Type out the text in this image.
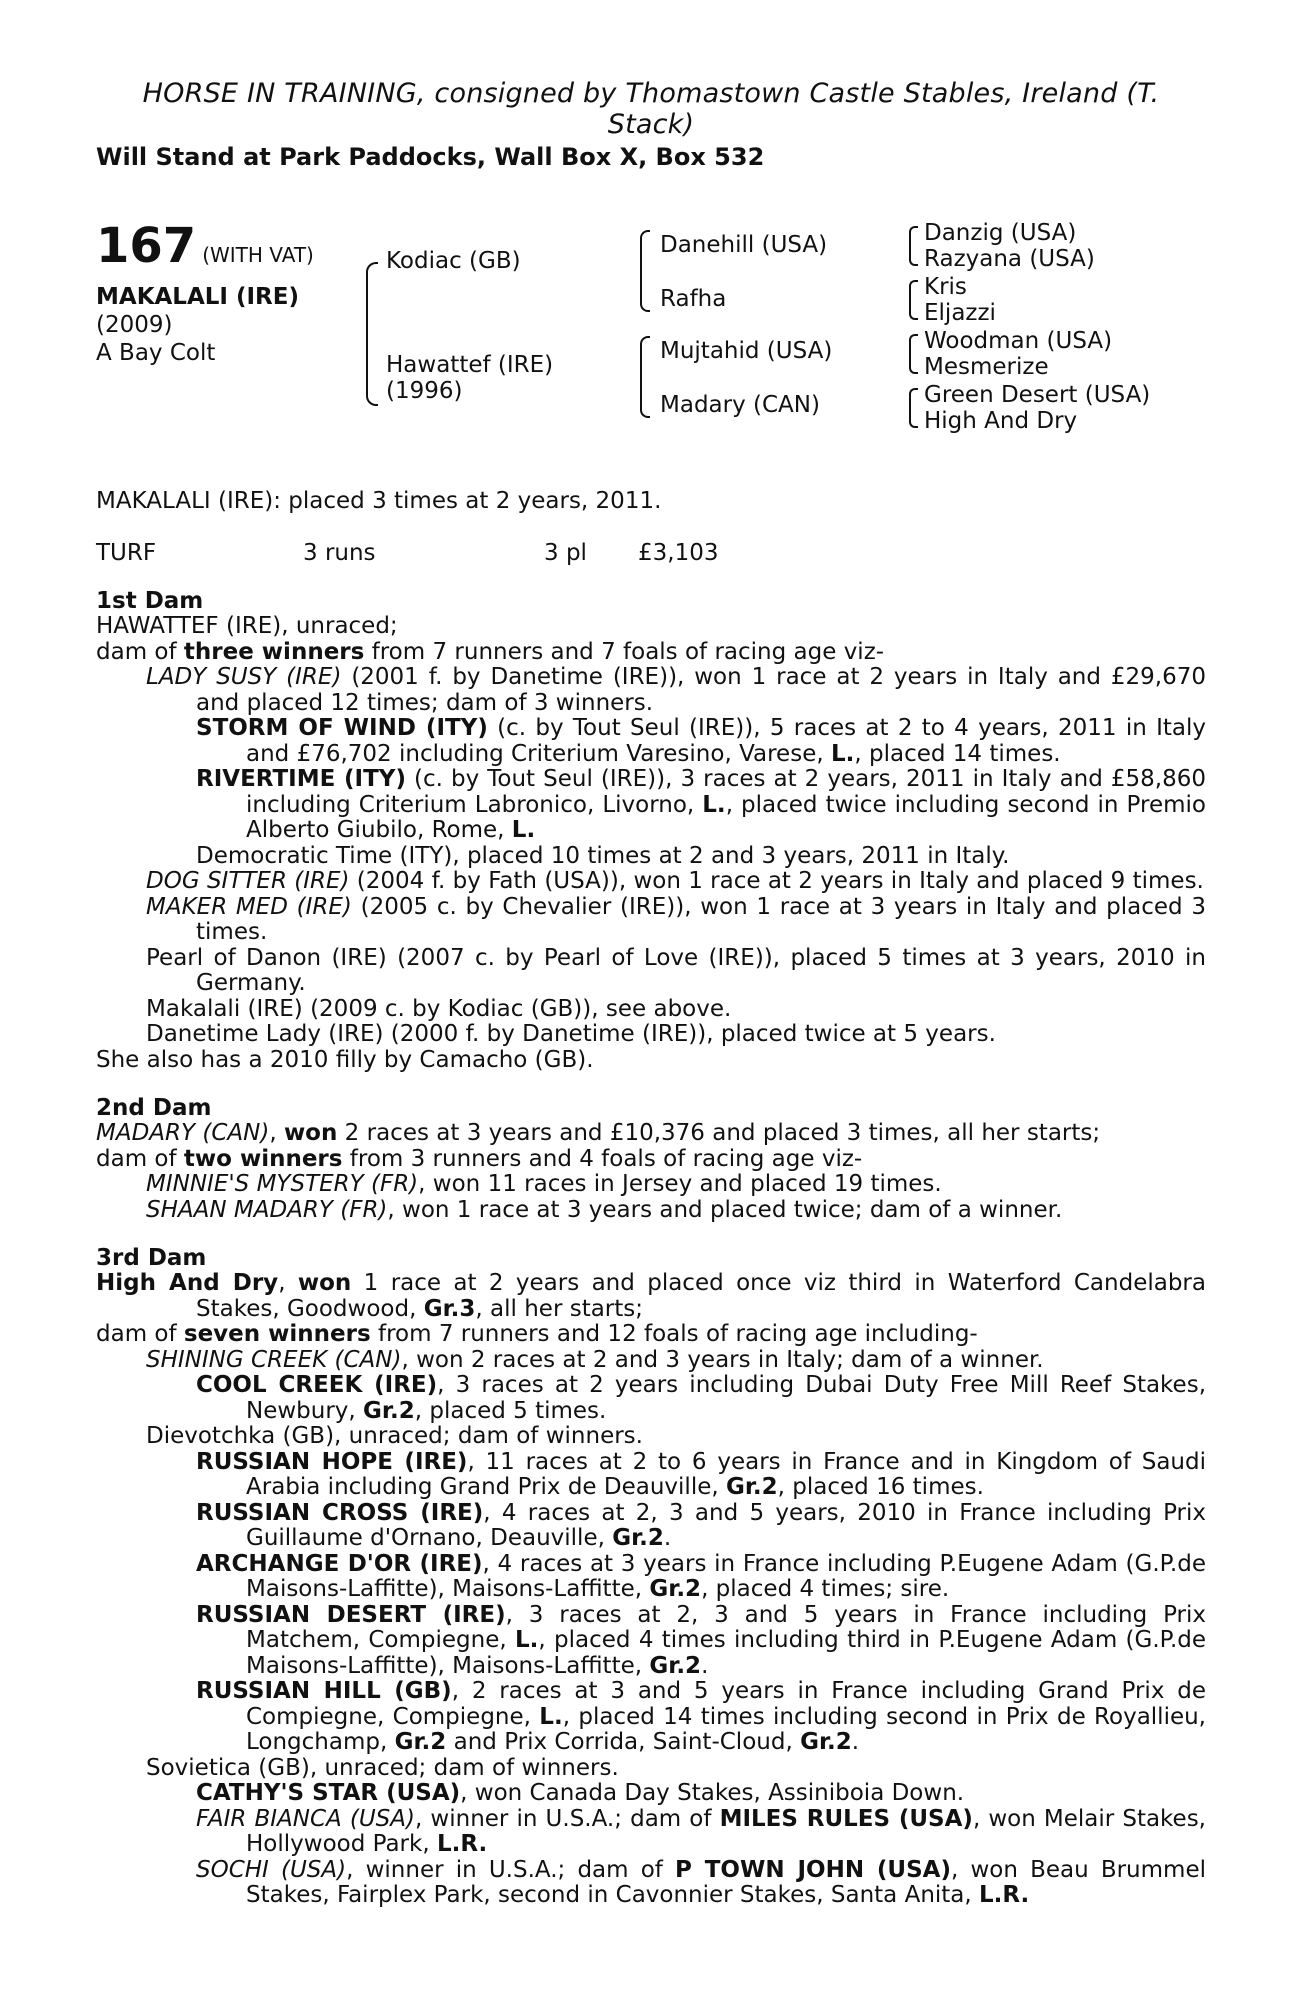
HORSE IN TRAINING, consigned by Thomastown Castle Stables, Ireland (T.
Stack)
Will Stand at Park Paddocks, Wall Box X, Box 532
167 (WITH VAT)
MAKALALI (IRE)
(2009)
A Bay Colt
Kodiac (GB)
Hawattef (IRE)
(1996)
Danehill (USA)
Rafha
Mujtahid (USA)
Madary (CAN)
Danzig (USA)
Razyana (USA)
Kris
Eljazzi
Woodman (USA)
Mesmerize
Green Desert (USA)
High And Dry
MAKALALI (IRE): placed 3 times at 2 years, 2011.
TURF	3 runs	3 pl £3,103
1st Dam

HAWATTEF (IRE), unraced;

dam of three winners from 7 runners and 7 foals of racing age viz-

LADY SUSY (IRE) (2001 f. by Danetime (IRE)), won 1 race at 2 years in Italy and £29,670 and placed 12 times; dam of 3 winners.

STORM OF WIND (ITY) (c. by Tout Seul (IRE)), 5 races at 2 to 4 years, 2011 in Italy and £76,702 including Criterium Varesino, Varese, L., placed 14 times.

RIVERTIME (ITY) (c. by Tout Seul (IRE)), 3 races at 2 years, 2011 in Italy and £58,860 including Criterium Labronico, Livorno, L., placed twice including second in Premio Alberto Giubilo, Rome, L.

Democratic Time (ITY), placed 10 times at 2 and 3 years, 2011 in Italy.

DOG SITTER (IRE) (2004 f. by Fath (USA)), won 1 race at 2 years in Italy and placed 9 times.

MAKER MED (IRE) (2005 c. by Chevalier (IRE)), won 1 race at 3 years in Italy and placed 3 times.

Pearl of Danon (IRE) (2007 c. by Pearl of Love (IRE)), placed 5 times at 3 years, 2010 in Germany.

Makalali (IRE) (2009 c. by Kodiac (GB)), see above.

Danetime Lady (IRE) (2000 f. by Danetime (IRE)), placed twice at 5 years.

She also has a 2010 filly by Camacho (GB).

2nd Dam

MADARY (CAN), won 2 races at 3 years and £10,376 and placed 3 times, all her starts;

dam of two winners from 3 runners and 4 foals of racing age viz-

MINNIE'S MYSTERY (FR), won 11 races in Jersey and placed 19 times.

SHAAN MADARY (FR), won 1 race at 3 years and placed twice; dam of a winner.

3rd Dam

High And Dry, won 1 race at 2 years and placed once viz third in Waterford Candelabra Stakes, Goodwood, Gr.3, all her starts;

dam of seven winners from 7 runners and 12 foals of racing age including-

SHINING CREEK (CAN), won 2 races at 2 and 3 years in Italy; dam of a winner.

COOL CREEK (IRE), 3 races at 2 years including Dubai Duty Free Mill Reef Stakes, Newbury, Gr.2, placed 5 times.

Dievotchka (GB), unraced; dam of winners.

RUSSIAN HOPE (IRE), 11 races at 2 to 6 years in France and in Kingdom of Saudi Arabia including Grand Prix de Deauville, Gr.2, placed 16 times.

RUSSIAN CROSS (IRE), 4 races at 2, 3 and 5 years, 2010 in France including Prix Guillaume d'Ornano, Deauville, Gr.2.

ARCHANGE D'OR (IRE), 4 races at 3 years in France including P.Eugene Adam (G.P.de Maisons-Laffitte), Maisons-Laffitte, Gr.2, placed 4 times; sire.

RUSSIAN DESERT (IRE), 3 races at 2, 3 and 5 years in France including Prix Matchem, Compiegne, L., placed 4 times including third in P.Eugene Adam (G.P.de Maisons-Laffitte), Maisons-Laffitte, Gr.2.

RUSSIAN HILL (GB), 2 races at 3 and 5 years in France including Grand Prix de Compiegne, Compiegne, L., placed 14 times including second in Prix de Royallieu, Longchamp, Gr.2 and Prix Corrida, Saint-Cloud, Gr.2.

Sovietica (GB), unraced; dam of winners.

CATHY'S STAR (USA), won Canada Day Stakes, Assiniboia Down.

FAIR BIANCA (USA), winner in U.S.A.; dam of MILES RULES (USA), won Melair Stakes, Hollywood Park, L.R.

SOCHI (USA), winner in U.S.A.; dam of P TOWN JOHN (USA), won Beau Brummel Stakes, Fairplex Park, second in Cavonnier Stakes, Santa Anita, L.R.
